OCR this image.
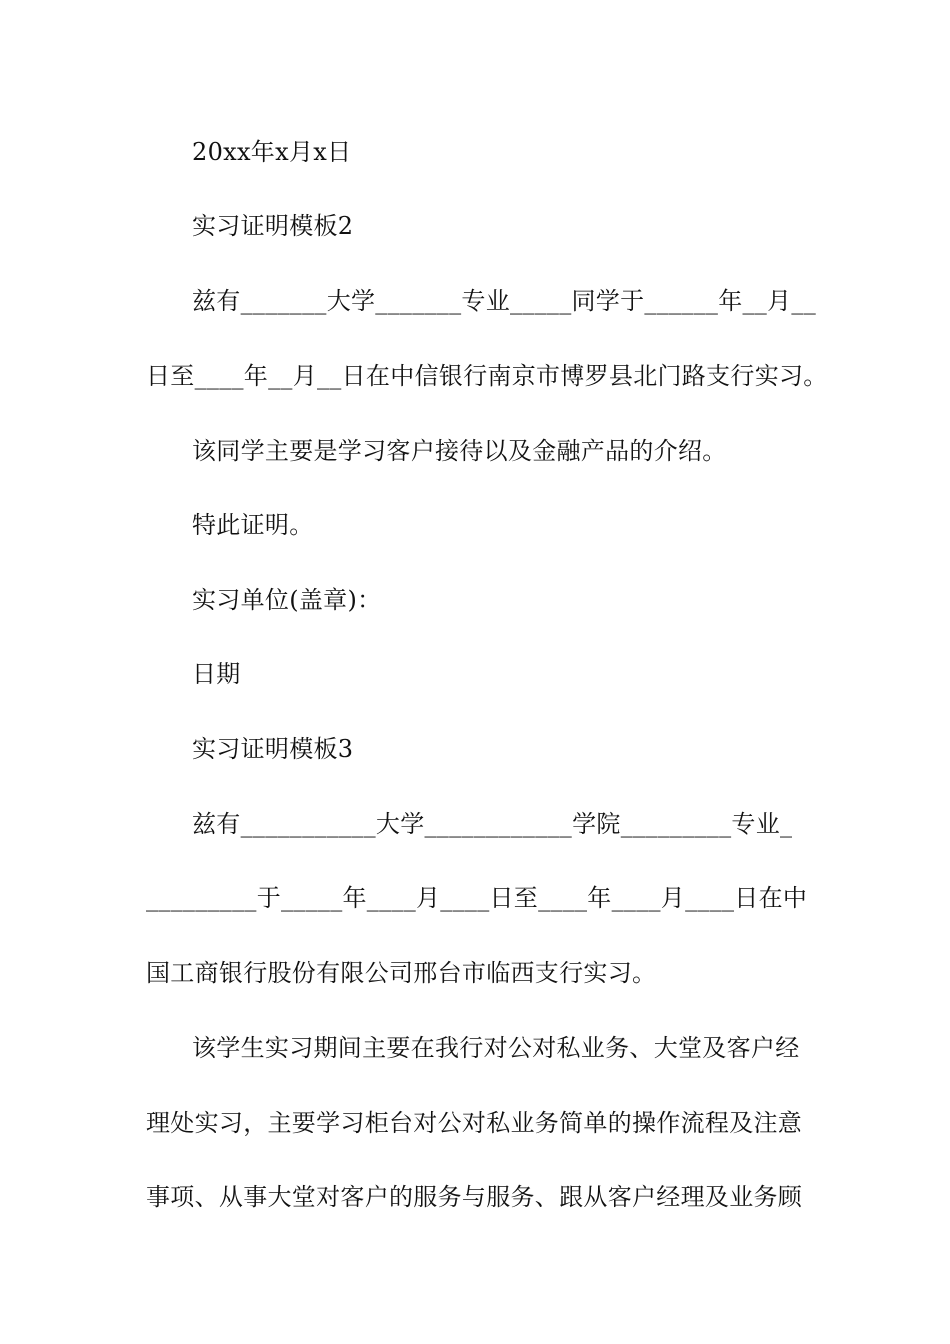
20xx年x月x日

实习证明模板2

兹有_______大学_______专业_____同学于______年__月__

日至____年__月__日在中信银行南京市博罗县北门路支行实习。

该同学主要是学习客户接待以及金融产品的介绍。

特此证明。

实习单位(盖章)：

日期

实习证明模板3

兹有___________大学____________学院_________专业_

_________于_____年____月____日至____年____月____日在中

国工商银行股份有限公司邢台市临西支行实习。

该学生实习期间主要在我行对公对私业务、大堂及客户经

理处实习，主要学习柜台对公对私业务简单的操作流程及注意

事项、从事大堂对客户的服务与服务、跟从客户经理及业务顾
